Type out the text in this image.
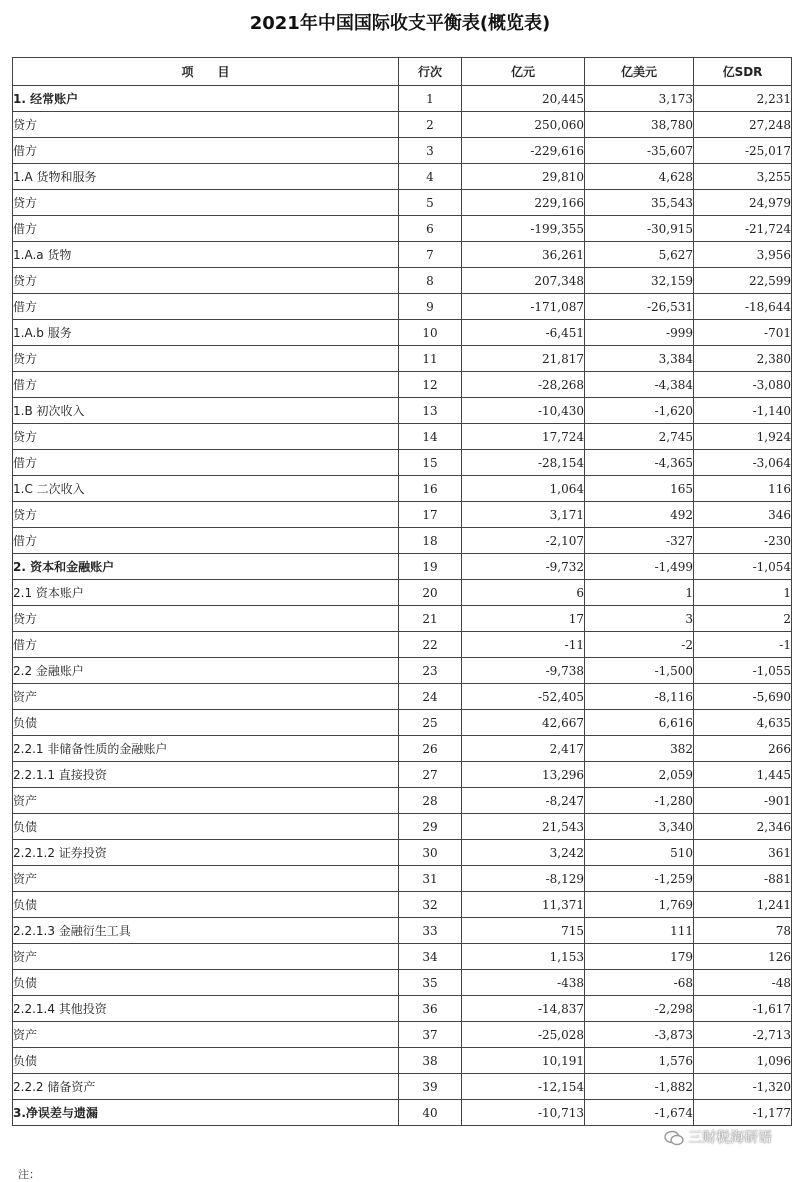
2021年中国国际收支平衡表(概览表)
项　　目	行次	亿元	亿美元	亿SDR
1. 经常账户	1	20,445	3,173	2,231
贷方	2	250,060	38,780	27,248
借方	3	-229,616	-35,607	-25,017
1.A 货物和服务	4	29,810	4,628	3,255
贷方	5	229,166	35,543	24,979
借方	6	-199,355	-30,915	-21,724
1.A.a 货物	7	36,261	5,627	3,956
贷方	8	207,348	32,159	22,599
借方	9	-171,087	-26,531	-18,644
1.A.b 服务	10	-6,451	-999	-701
贷方	11	21,817	3,384	2,380
借方	12	-28,268	-4,384	-3,080
1.B 初次收入	13	-10,430	-1,620	-1,140
贷方	14	17,724	2,745	1,924
借方	15	-28,154	-4,365	-3,064
1.C 二次收入	16	1,064	165	116
贷方	17	3,171	492	346
借方	18	-2,107	-327	-230
2. 资本和金融账户	19	-9,732	-1,499	-1,054
2.1 资本账户	20	6	1	1
贷方	21	17	3	2
借方	22	-11	-2	-1
2.2 金融账户	23	-9,738	-1,500	-1,055
资产	24	-52,405	-8,116	-5,690
负债	25	42,667	6,616	4,635
2.2.1 非储备性质的金融账户	26	2,417	382	266
2.2.1.1 直接投资	27	13,296	2,059	1,445
资产	28	-8,247	-1,280	-901
负债	29	21,543	3,340	2,346
2.2.1.2 证券投资	30	3,242	510	361
资产	31	-8,129	-1,259	-881
负债	32	11,371	1,769	1,241
2.2.1.3 金融衍生工具	33	715	111	78
资产	34	1,153	179	126
负债	35	-438	-68	-48
2.2.1.4 其他投资	36	-14,837	-2,298	-1,617
资产	37	-25,028	-3,873	-2,713
负债	38	10,191	1,576	1,096
2.2.2 储备资产	39	-12,154	-1,882	-1,320
3.净误差与遗漏	40	-10,713	-1,674	-1,177
三财税海研语
注：
